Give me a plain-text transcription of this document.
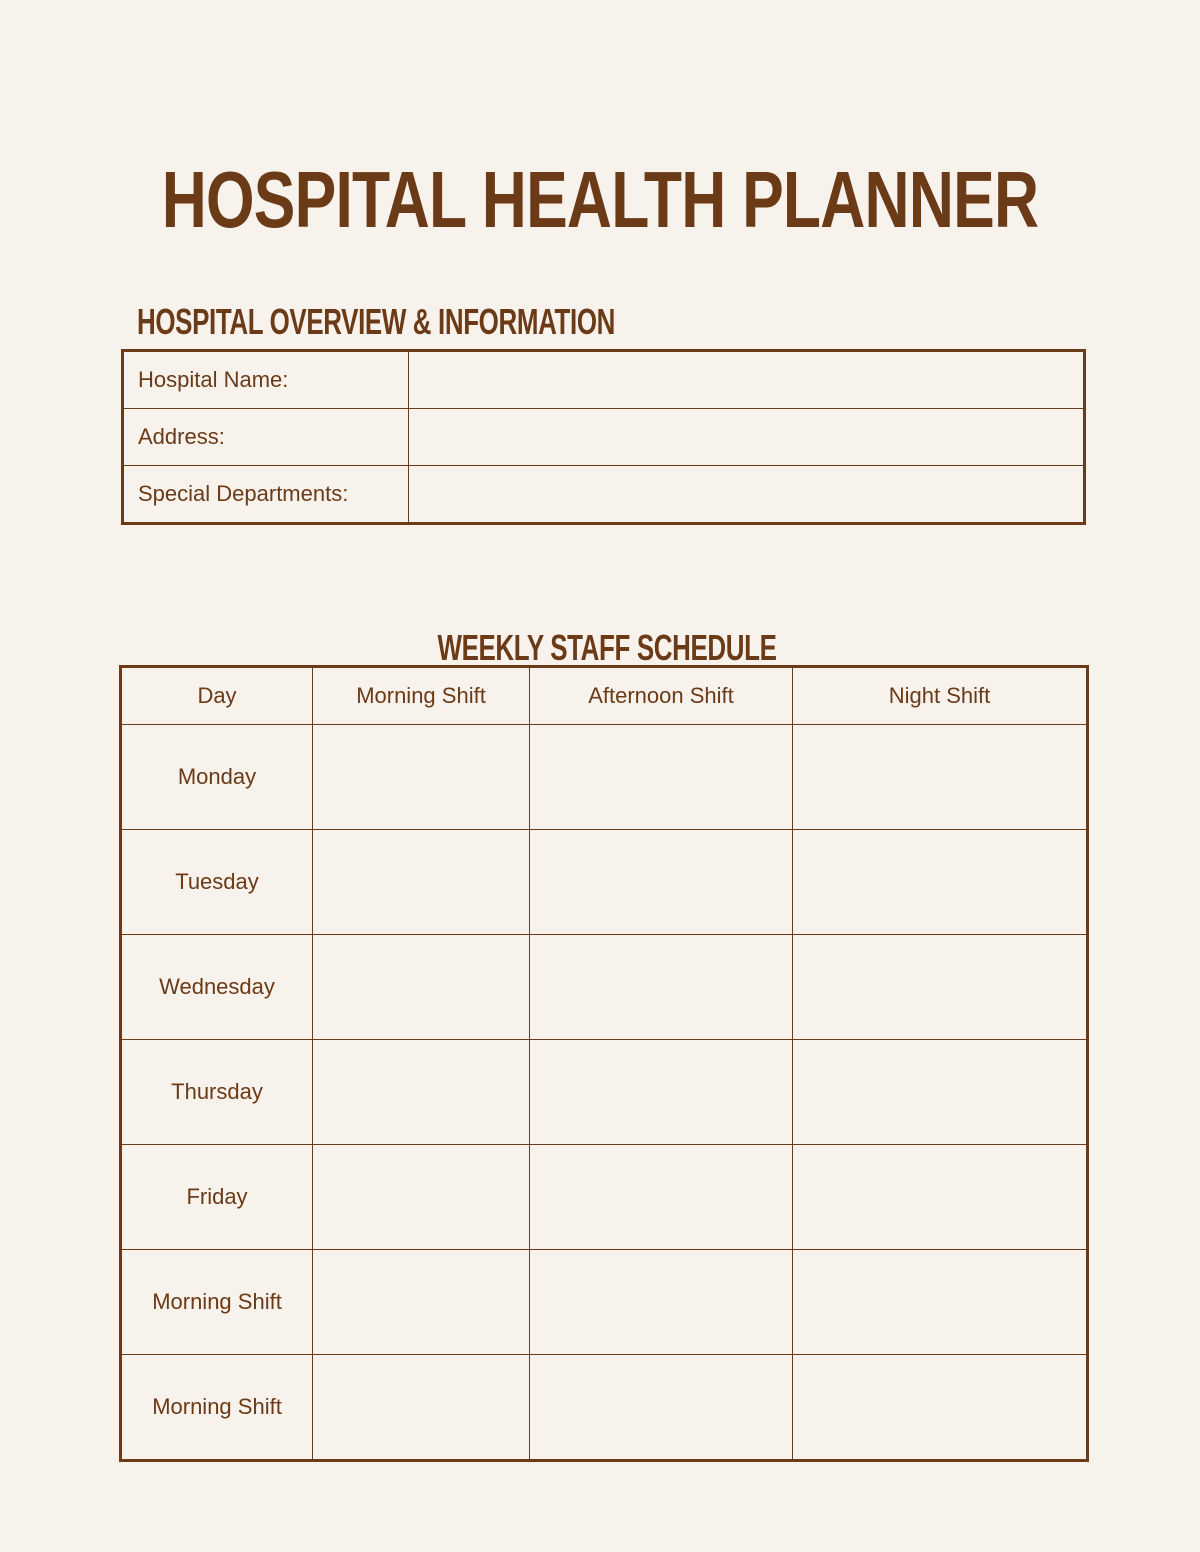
HOSPITAL HEALTH PLANNER
HOSPITAL OVERVIEW & INFORMATION
Hospital Name:	
Address:	
Special Departments:	
WEEKLY STAFF SCHEDULE
Day	Morning Shift	Afternoon Shift	Night Shift
Monday			
Tuesday			
Wednesday			
Thursday			
Friday			
Morning Shift			
Morning Shift			
